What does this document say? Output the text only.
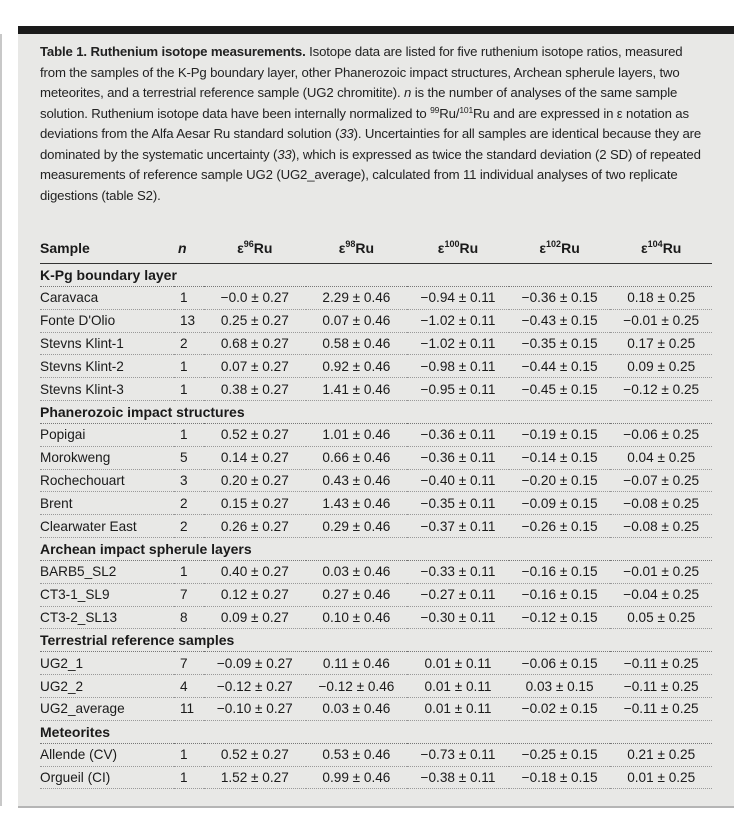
Table 1. Ruthenium isotope measurements. Isotope data are listed for five ruthenium isotope ratios, measured from the samples of the K-Pg boundary layer, other Phanerozoic impact structures, Archean spherule layers, two meteorites, and a terrestrial reference sample (UG2 chromitite). n is the number of analyses of the same sample solution. Ruthenium isotope data have been internally normalized to $^{99}$Ru/$^{101}$Ru and are expressed in ε notation as deviations from the Alfa Aesar Ru standard solution (33). Uncertainties for all samples are identical because they are dominated by the systematic uncertainty (33), which is expressed as twice the standard deviation (2 SD) of repeated measurements of reference sample UG2 (UG2_average), calculated from 11 individual analyses of two replicate digestions (table S2).

Sample	n	$\varepsilon^{96}Ru$	$\varepsilon^{98}Ru$	$\varepsilon^{100}Ru$	$\varepsilon^{102}Ru$	$\varepsilon^{104}Ru$
K-Pg boundary layer						
Caravaca	1	−0.0 ± 0.27	2.29 ± 0.46	−0.94 ± 0.11	−0.36 ± 0.15	0.18 ± 0.25
Fonte D'Olio	13	0.25 ± 0.27	0.07 ± 0.46	−1.02 ± 0.11	−0.43 ± 0.15	−0.01 ± 0.25
Stevns Klint-1	2	0.68 ± 0.27	0.58 ± 0.46	−1.02 ± 0.11	−0.35 ± 0.15	0.17 ± 0.25
Stevns Klint-2	1	0.07 ± 0.27	0.92 ± 0.46	−0.98 ± 0.11	−0.44 ± 0.15	0.09 ± 0.25
Stevns Klint-3	1	0.38 ± 0.27	1.41 ± 0.46	−0.95 ± 0.11	−0.45 ± 0.15	−0.12 ± 0.25
Phanerozoic impact structures						
Popigai	1	0.52 ± 0.27	1.01 ± 0.46	−0.36 ± 0.11	−0.19 ± 0.15	−0.06 ± 0.25
Morokweng	5	0.14 ± 0.27	0.66 ± 0.46	−0.36 ± 0.11	−0.14 ± 0.15	0.04 ± 0.25
Rochechouart	3	0.20 ± 0.27	0.43 ± 0.46	−0.40 ± 0.11	−0.20 ± 0.15	−0.07 ± 0.25
Brent	2	0.15 ± 0.27	1.43 ± 0.46	−0.35 ± 0.11	−0.09 ± 0.15	−0.08 ± 0.25
Clearwater East	2	0.26 ± 0.27	0.29 ± 0.46	−0.37 ± 0.11	−0.26 ± 0.15	−0.08 ± 0.25
Archean impact spherule layers						
BARB5_SL2	1	0.40 ± 0.27	0.03 ± 0.46	−0.33 ± 0.11	−0.16 ± 0.15	−0.01 ± 0.25
CT3-1_SL9	7	0.12 ± 0.27	0.27 ± 0.46	−0.27 ± 0.11	−0.16 ± 0.15	−0.04 ± 0.25
CT3-2_SL13	8	0.09 ± 0.27	0.10 ± 0.46	−0.30 ± 0.11	−0.12 ± 0.15	0.05 ± 0.25
Terrestrial reference samples						
UG2_1	7	−0.09 ± 0.27	0.11 ± 0.46	0.01 ± 0.11	−0.06 ± 0.15	−0.11 ± 0.25
UG2_2	4	−0.12 ± 0.27	−0.12 ± 0.46	0.01 ± 0.11	0.03 ± 0.15	−0.11 ± 0.25
UG2_average	11	−0.10 ± 0.27	0.03 ± 0.46	0.01 ± 0.11	−0.02 ± 0.15	−0.11 ± 0.25
Meteorites						
Allende (CV)	1	0.52 ± 0.27	0.53 ± 0.46	−0.73 ± 0.11	−0.25 ± 0.15	0.21 ± 0.25
Orgueil (CI)	1	1.52 ± 0.27	0.99 ± 0.46	−0.38 ± 0.11	−0.18 ± 0.15	0.01 ± 0.25
